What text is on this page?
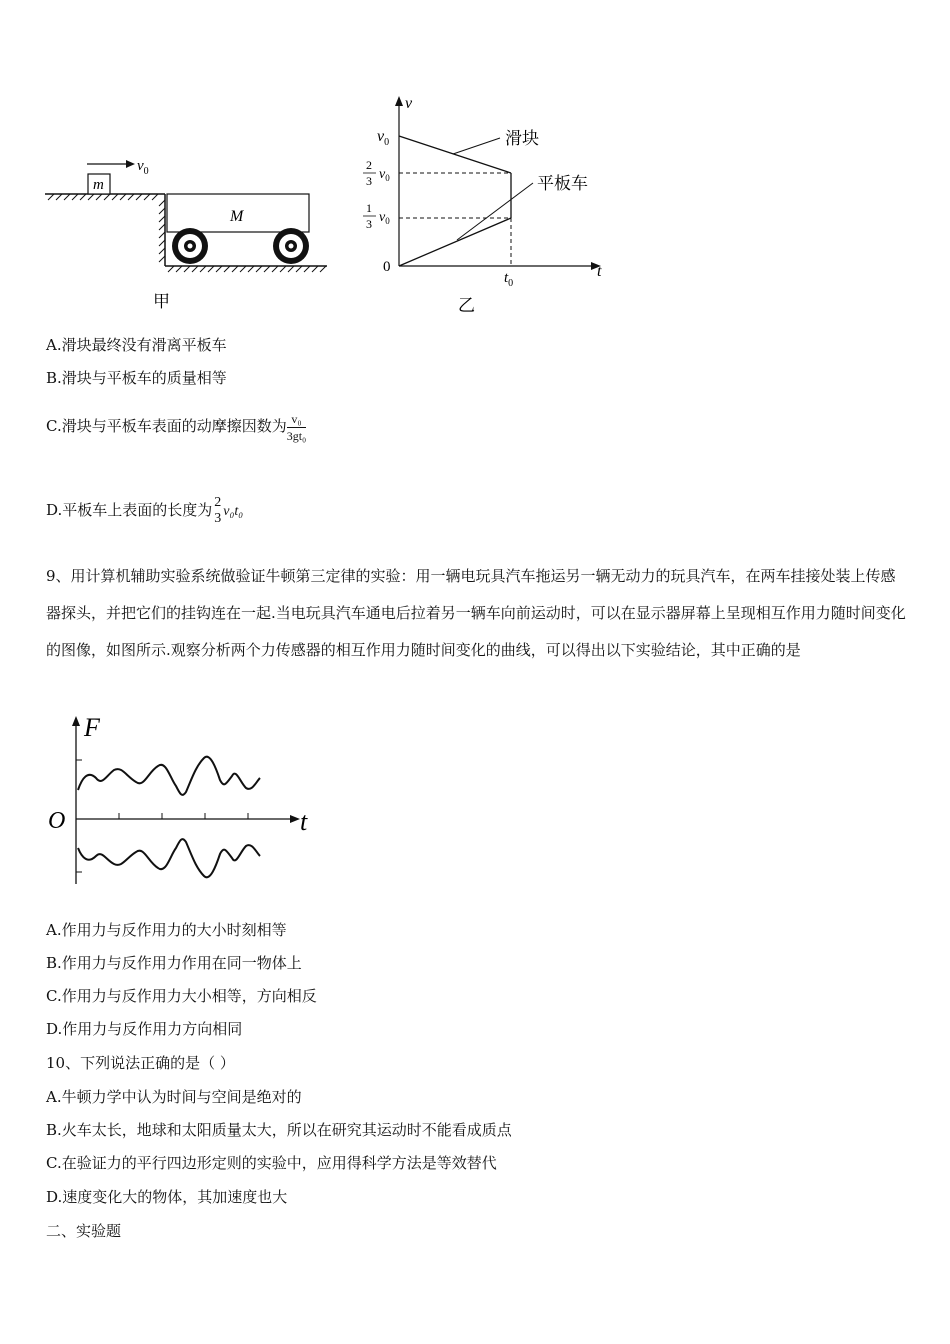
m
$v_0$
M
甲
v
t
0
$v_0$
2
3 $v_0$
1
3 $v_0$
滑块
平板车
$t_0$
乙
A.滑块最终没有滑离平板车
B.滑块与平板车的质量相等
C.滑块与平板车表面的动摩擦因数为 $\frac{\text{v₀}}{\text{3gt₀}}$
D.平板车上表面的长度为 2
3 v₀t₀
9、用计算机辅助实验系统做验证牛顿第三定律的实验：用一辆电玩具汽车拖运另一辆无动力的玩具汽车，在两车挂接处装上传感器探头，并把它们的挂钩连在一起.当电玩具汽车通电后拉着另一辆车向前运动时，可以在显示器屏幕上呈现相互作用力随时间变化的图像，如图所示.观察分析两个力传感器的相互作用力随时间变化的曲线，可以得出以下实验结论，其中正确的是
F
t
O
A.作用力与反作用力的大小时刻相等
B.作用力与反作用力作用在同一物体上
C.作用力与反作用力大小相等，方向相反
D.作用力与反作用力方向相同
10、下列说法正确的是（ ）
A.牛顿力学中认为时间与空间是绝对的
B.火车太长，地球和太阳质量太大，所以在研究其运动时不能看成质点
C.在验证力的平行四边形定则的实验中，应用得科学方法是等效替代
D.速度变化大的物体，其加速度也大
二、实验题
